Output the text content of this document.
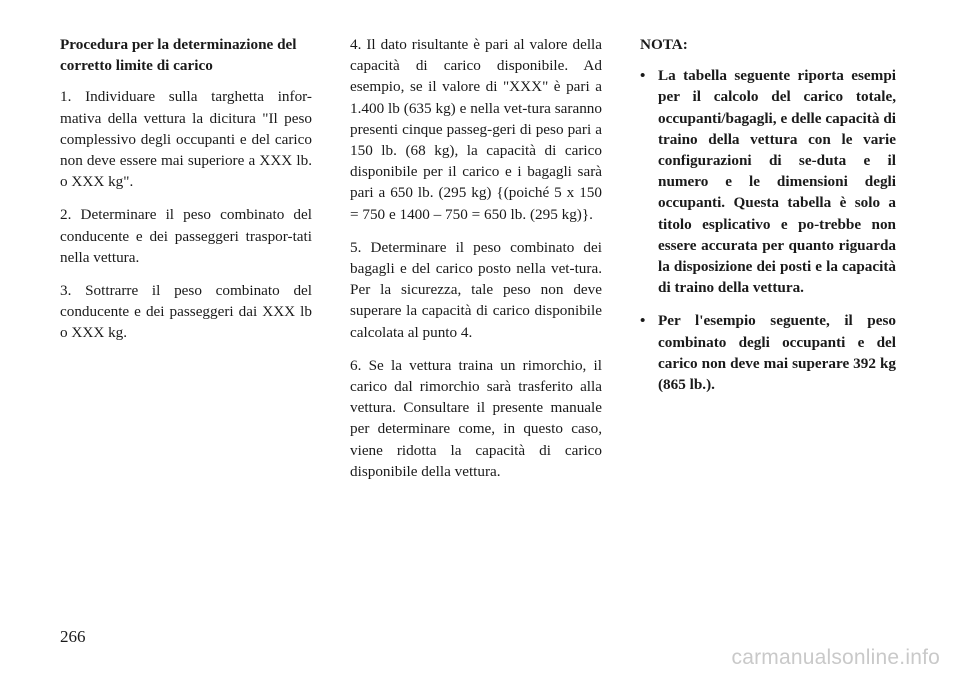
Procedura per la determinazione del corretto limite di carico

1. Individuare sulla targhetta infor-mativa della vettura la dicitura "Il peso complessivo degli occupanti e del carico non deve essere mai superiore a XXX lb. o XXX kg".

2. Determinare il peso combinato del conducente e dei passeggeri traspor-tati nella vettura.

3. Sottrarre il peso combinato del conducente e dei passeggeri dai XXX lb o XXX kg.

4. Il dato risultante è pari al valore della capacità di carico disponibile. Ad esempio, se il valore di "XXX" è pari a 1.400 lb (635 kg) e nella vet-tura saranno presenti cinque passeg-geri di peso pari a 150 lb. (68 kg), la capacità di carico disponibile per il carico e i bagagli sarà pari a 650 lb. (295 kg) {(poiché 5 x 150 = 750 e 1400 – 750 = 650 lb. (295 kg)}.

5. Determinare il peso combinato dei bagagli e del carico posto nella vet-tura. Per la sicurezza, tale peso non deve superare la capacità di carico disponibile calcolata al punto 4.

6. Se la vettura traina un rimorchio, il carico dal rimorchio sarà trasferito alla vettura. Consultare il presente manuale per determinare come, in questo caso, viene ridotta la capacità di carico disponibile della vettura.

NOTA:

• La tabella seguente riporta esempi per il calcolo del carico totale, occupanti/bagagli, e delle capacità di traino della vettura con le varie configurazioni di se-duta e il numero e le dimensioni degli occupanti. Questa tabella è solo a titolo esplicativo e po-trebbe non essere accurata per quanto riguarda la disposizione dei posti e la capacità di traino della vettura.
• Per l'esempio seguente, il peso combinato degli occupanti e del carico non deve mai superare 392 kg (865 lb.).
266
carmanualsonline.info
